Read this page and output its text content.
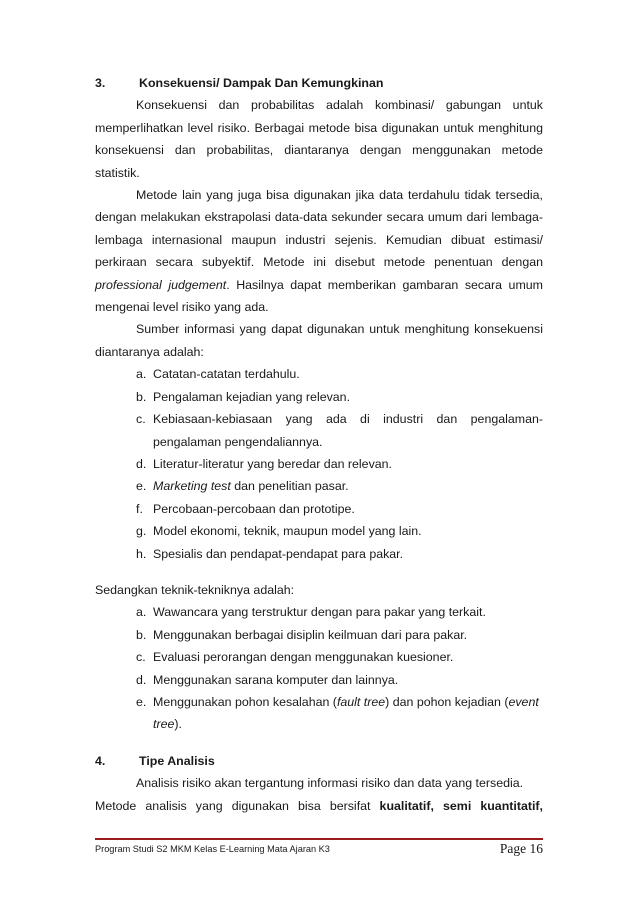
3.	Konsekuensi/ Dampak Dan Kemungkinan

Konsekuensi dan probabilitas adalah kombinasi/ gabungan untuk memperlihatkan level risiko. Berbagai metode bisa digunakan untuk menghitung konsekuensi dan probabilitas, diantaranya dengan menggunakan metode statistik.

Metode lain yang juga bisa digunakan jika data terdahulu tidak tersedia, dengan melakukan ekstrapolasi data-data sekunder secara umum dari lembaga-lembaga internasional maupun industri sejenis. Kemudian dibuat estimasi/ perkiraan secara subyektif. Metode ini disebut metode penentuan dengan professional judgement. Hasilnya dapat memberikan gambaran secara umum mengenai level risiko yang ada.

Sumber informasi yang dapat digunakan untuk menghitung konsekuensi diantaranya adalah:

a. Catatan-catatan terdahulu.
b. Pengalaman kejadian yang relevan.
c. Kebiasaan-kebiasaan yang ada di industri dan pengalaman-pengalaman pengendaliannya.
d. Literatur-literatur yang beredar dan relevan.
e. Marketing test dan penelitian pasar.
f. Percobaan-percobaan dan prototipe.
g. Model ekonomi, teknik, maupun model yang lain.
h. Spesialis dan pendapat-pendapat para pakar.

Sedangkan teknik-tekniknya adalah:

a. Wawancara yang terstruktur dengan para pakar yang terkait.
b. Menggunakan berbagai disiplin keilmuan dari para pakar.
c. Evaluasi perorangan dengan menggunakan kuesioner.
d. Menggunakan sarana komputer dan lainnya.
e. Menggunakan pohon kesalahan (fault tree) dan pohon kejadian (event tree).
4.	Tipe Analisis

Analisis risiko akan tergantung informasi risiko dan data yang tersedia.

Metode analisis yang digunakan bisa bersifat kualitatif, semi kuantitatif,

Program Studi S2 MKM Kelas E-Learning Mata Ajaran K3	Page 16
